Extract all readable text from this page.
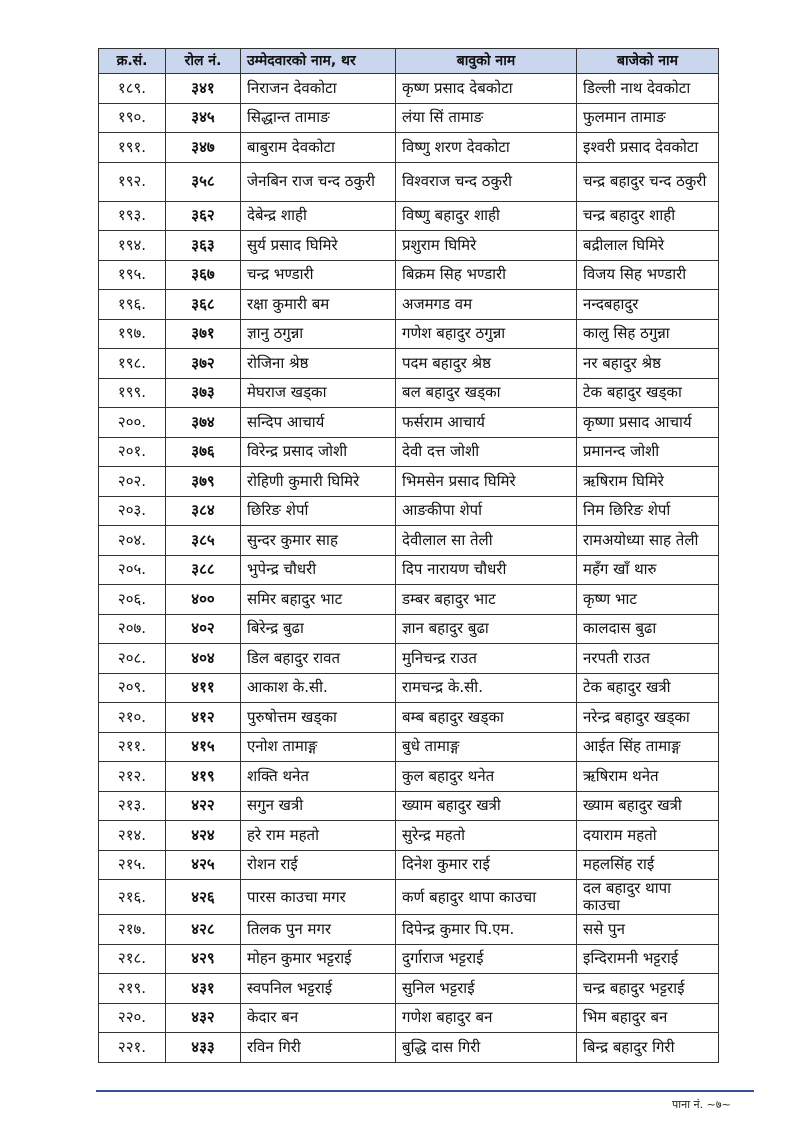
क्र.सं.	रोल नं.	उम्मेदवारको नाम, थर	बावुको नाम	बाजेको नाम
१८९.	३४१	निराजन देवकोटा	कृष्ण प्रसाद देबकोटा	डिल्ली नाथ देवकोटा
१९०.	३४५	सिद्धान्त तामाङ	लंया सिं तामाङ	फुलमान तामाङ
१९१.	३४७	बाबुराम देवकोटा	विष्णु शरण देवकोटा	इश्वरी प्रसाद देवकोटा
१९२.	३५८	जेनबिन राज चन्द ठकुरी	विश्वराज चन्द ठकुरी	चन्द्र बहादुर चन्द ठकुरी
१९३.	३६२	देबेन्द्र शाही	विष्णु बहादुर शाही	चन्द्र बहादुर शाही
१९४.	३६३	सुर्य प्रसाद घिमिरे	प्रशुराम घिमिरे	बद्रीलाल घिमिरे
१९५.	३६७	चन्द्र भण्डारी	बिक्रम सिह भण्डारी	विजय सिह भण्डारी
१९६.	३६८	रक्षा कुमारी बम	अजमगड वम	नन्दबहादुर
१९७.	३७१	ज्ञानु ठगुन्ना	गणेश बहादुर ठगुन्ना	कालु सिह ठगुन्ना
१९८.	३७२	रोजिना श्रेष्ठ	पदम बहादुर श्रेष्ठ	नर बहादुर श्रेष्ठ
१९९.	३७३	मेघराज खड्का	बल बहादुर खड्का	टेक बहादुर खड्का
२००.	३७४	सन्दिप आचार्य	फर्सराम आचार्य	कृष्णा प्रसाद आचार्य
२०१.	३७६	विरेन्द्र प्रसाद जोशी	देवी दत्त जोशी	प्रमानन्द जोशी
२०२.	३७९	रोहिणी कुमारी घिमिरे	भिमसेन प्रसाद घिमिरे	ऋषिराम घिमिरे
२०३.	३८४	छिरिङ शेर्पा	आङकीपा शेर्पा	निम छिरिङ शेर्पा
२०४.	३८५	सुन्दर कुमार साह	देवीलाल सा तेली	रामअयोध्या साह तेली
२०५.	३८८	भुपेन्द्र चौधरी	दिप नारायण चौधरी	महँग खाँ थारु
२०६.	४००	समिर बहादुर भाट	डम्बर बहादुर भाट	कृष्ण भाट
२०७.	४०२	बिरेन्द्र बुढा	ज्ञान बहादुर बुढा	कालदास बुढा
२०८.	४०४	डिल बहादुर रावत	मुनिचन्द्र राउत	नरपती राउत
२०९.	४११	आकाश के.सी.	रामचन्द्र के.सी.	टेक बहादुर खत्री
२१०.	४१२	पुरुषोत्तम खड्का	बम्ब बहादुर खड्का	नरेन्द्र बहादुर खड्का
२११.	४१५	एनोश तामाङ्ग	बुधे तामाङ्ग	आईत सिंह तामाङ्ग
२१२.	४१९	शक्ति थनेत	कुल बहादुर थनेत	ऋषिराम थनेत
२१३.	४२२	सगुन खत्री	ख्याम बहादुर खत्री	ख्याम बहादुर खत्री
२१४.	४२४	हरे राम महतो	सुरेन्द्र महतो	दयाराम महतो
२१५.	४२५	रोशन राई	दिनेश कुमार राई	महलसिंह राई
२१६.	४२६	पारस काउचा मगर	कर्ण बहादुर थापा काउचा	दल बहादुर थापा काउचा
२१७.	४२८	तिलक पुन मगर	दिपेन्द्र कुमार पि.एम.	ससे पुन
२१८.	४२९	मोहन कुमार भट्टराई	दुर्गाराज भट्टराई	इन्दिरामनी भट्टराई
२१९.	४३१	स्वपनिल भट्टराई	सुनिल भट्टराई	चन्द्र बहादुर भट्टराई
२२०.	४३२	केदार बन	गणेश बहादुर बन	भिम बहादुर बन
२२१.	४३३	रविन गिरी	बुद्धि दास गिरी	बिन्द्र बहादुर गिरी
पाना नं. ~७~
